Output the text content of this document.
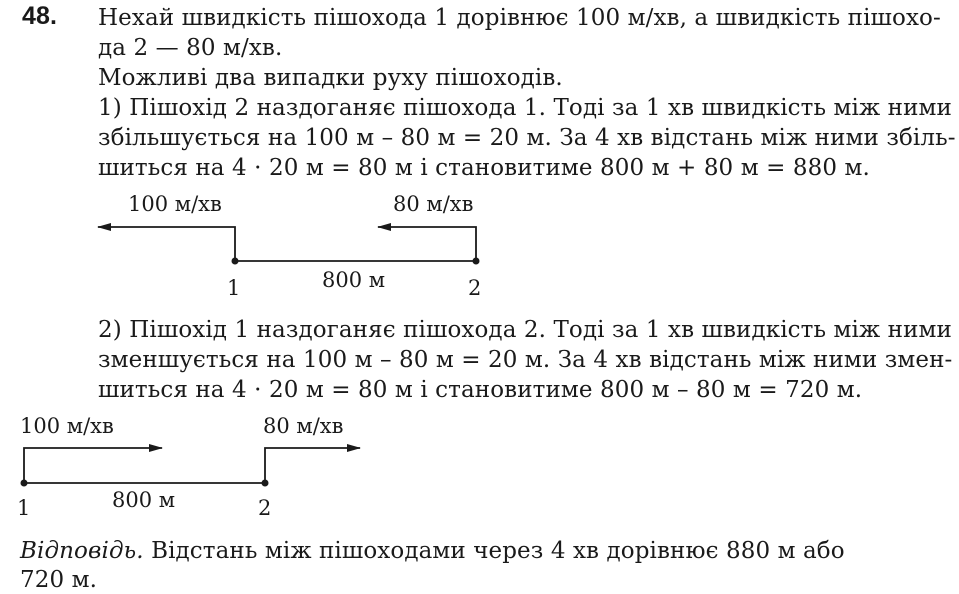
48. Нехай швидкість пішохода 1 дорівнює 100 м/хв, а швидкість пішохо-
да 2 — 80 м/хв.
Можливі два випадки руху пішоходів.
1) Пішохід 2 наздоганяє пішохода 1. Тоді за 1 хв швидкість між ними
збільшується на 100 м – 80 м = 20 м. За 4 хв відстань між ними збіль-
шиться на 4 · 20 м = 80 м і становитиме 800 м + 80 м = 880 м.
100 м/хв	80 м/хв
800 м
1	2
2) Пішохід 1 наздоганяє пішохода 2. Тоді за 1 хв швидкість між ними
зменшується на 100 м – 80 м = 20 м. За 4 хв відстань між ними змен-
шиться на 4 · 20 м = 80 м і становитиме 800 м – 80 м = 720 м.
100 м/хв	80 м/хв
800 м
1	2
Відповідь. Відстань між пішоходами через 4 хв дорівнює 880 м або
720 м.
